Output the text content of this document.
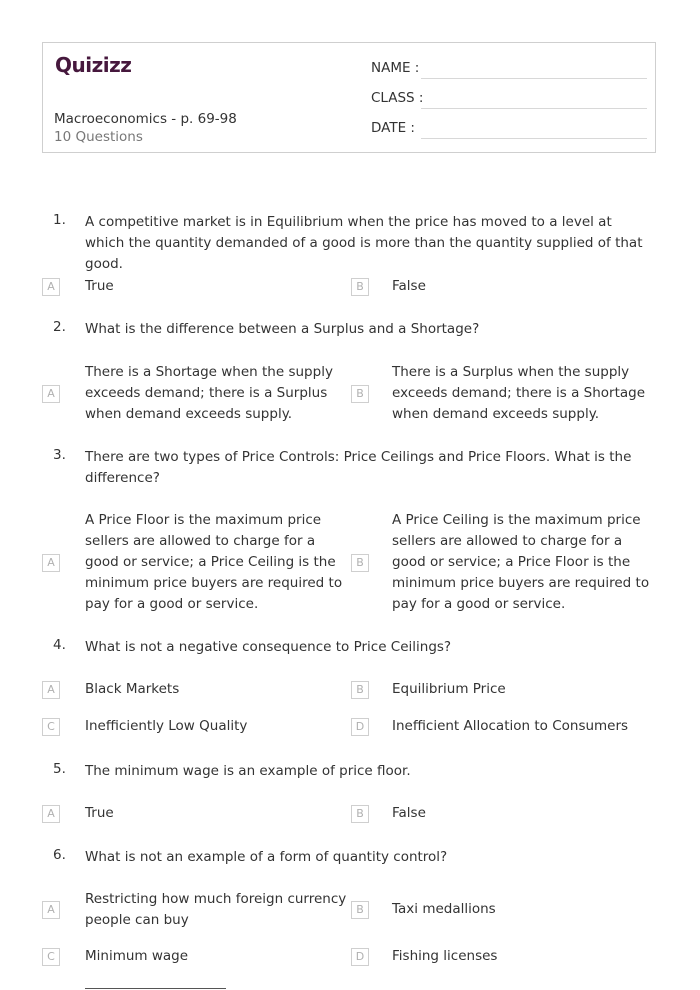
Quizizz
Macroeconomics - p. 69-98
10 Questions
NAME :
CLASS :
DATE :
1. A competitive market is in Equilibrium when the price has moved to a level at which the quantity demanded of a good is more than the quantity supplied of that good.
A	True	B	False
2. What is the difference between a Surplus and a Shortage?
A
There is a Shortage when the supply exceeds demand; there is a Surplus when demand exceeds supply.
B
There is a Surplus when the supply exceeds demand; there is a Shortage when demand exceeds supply.
3. There are two types of Price Controls: Price Ceilings and Price Floors. What is the difference?
A
A Price Floor is the maximum price sellers are allowed to charge for a good or service; a Price Ceiling is the minimum price buyers are required to pay for a good or service.
B
A Price Ceiling is the maximum price sellers are allowed to charge for a good or service; a Price Floor is the minimum price buyers are required to pay for a good or service.
4. What is not a negative consequence to Price Ceilings?
A	Black Markets	B	Equilibrium Price
C	Inefficiently Low Quality	D	Inefficient Allocation to Consumers
5. The minimum wage is an example of price floor.
A	True	B	False
6. What is not an example of a form of quantity control?
A
Restricting how much foreign currency people can buy
B	Taxi medallions
C	Minimum wage	D	Fishing licenses
